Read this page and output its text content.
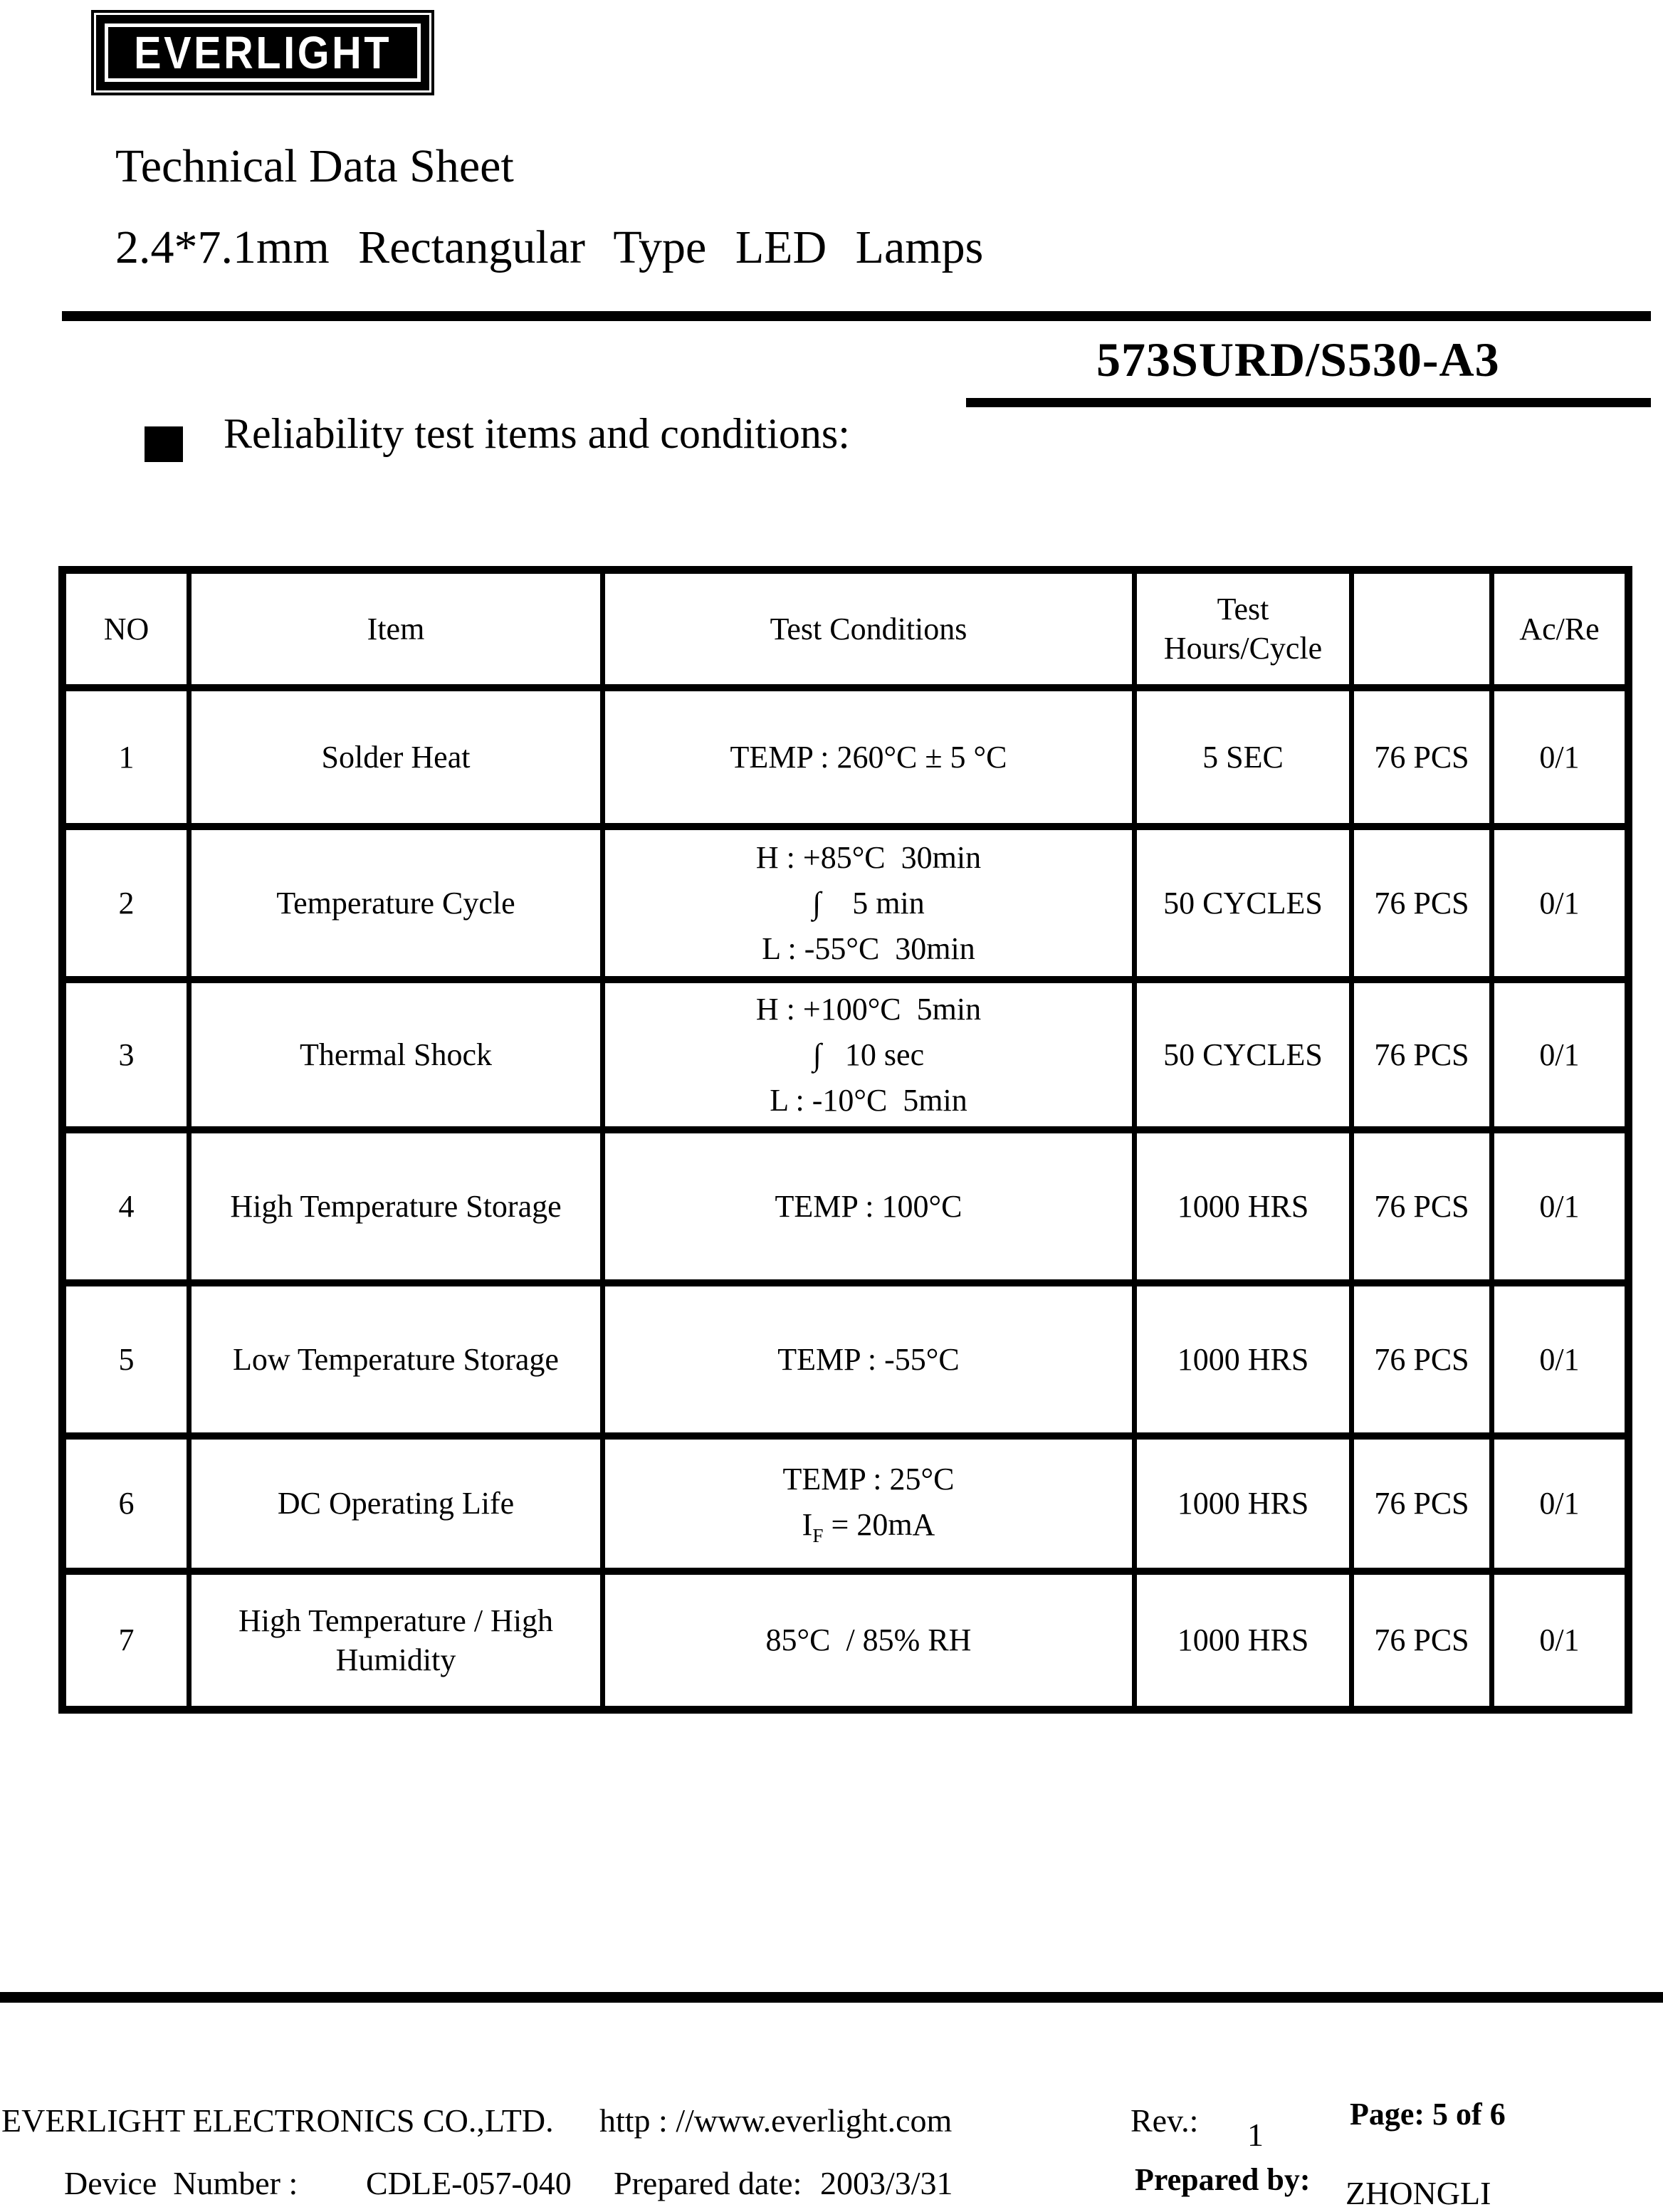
EVERLIGHT
Technical Data Sheet
2.4*7.1mm Rectangular Type LED Lamps
573SURD/S530-A3
Reliability test items and conditions:
NO	Item	Test Conditions	Test Hours/Cycle		Ac/Re
1	Solder Heat	TEMP : 260°C ± 5 °C	5 SEC	76 PCS	0/1
2	Temperature Cycle	H : +85°C  30min
∫    5 min
L : -55°C  30min	50 CYCLES	76 PCS	0/1
3	Thermal Shock	H : +100°C  5min
∫   10 sec
L : -10°C  5min	50 CYCLES	76 PCS	0/1
4	High Temperature Storage	TEMP : 100°C	1000 HRS	76 PCS	0/1
5	Low Temperature Storage	TEMP : -55°C	1000 HRS	76 PCS	0/1
6	DC Operating Life	TEMP : 25°C
$I_F = 20mA$	1000 HRS	76 PCS	0/1
7	High Temperature / High Humidity	85°C  / 85% RH	1000 HRS	76 PCS	0/1
EVERLIGHT ELECTRONICS CO.,LTD. http : //www.everlight.com	Rev.: 1
Page: 5 of 6
Device  Number : CDLE-057-040 Prepared date: 2003/3/31	Prepared by: ZHONGLI
